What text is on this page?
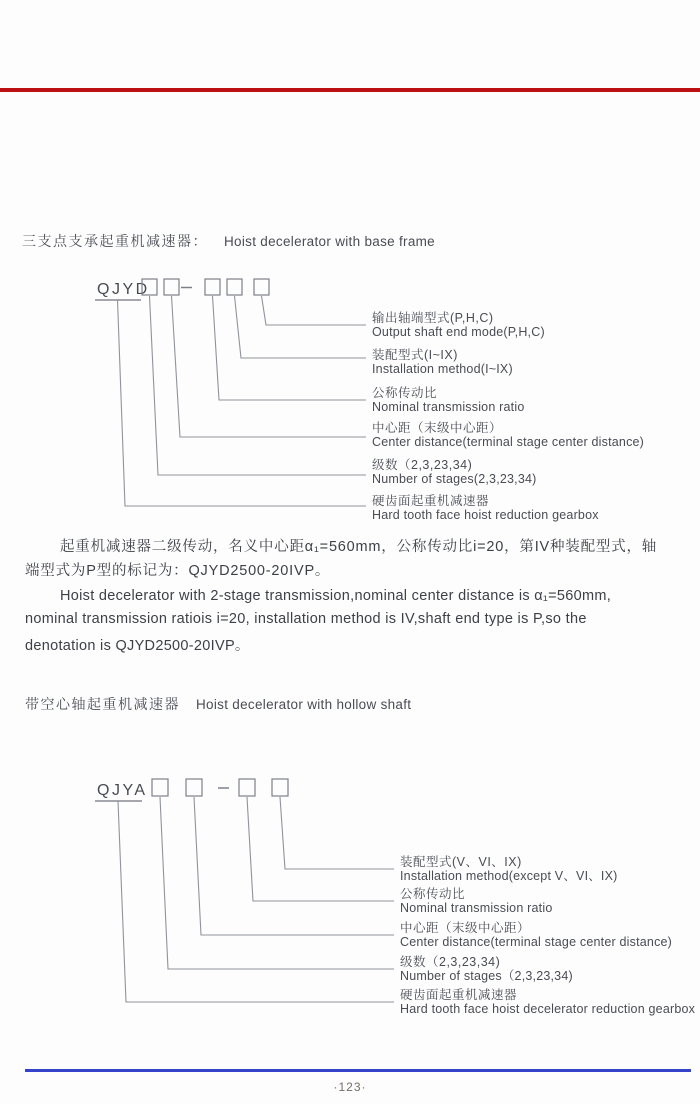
三支点支承起重机减速器： Hoist decelerator with base frame
QJYD
输出轴端型式(P,H,C)
Output shaft end mode(P,H,C)
装配型式(I~IX)
Installation method(I~IX)
公称传动比
Nominal transmission ratio
中心距（末级中心距）
Center distance(terminal stage center distance)
级数（2,3,23,34)
Number of stages(2,3,23,34)
硬齿面起重机减速器
Hard tooth face hoist reduction gearbox
起重机减速器二级传动，名义中心距α₁=560mm，公称传动比i=20，第IV种装配型式，轴
端型式为P型的标记为：QJYD2500-20IVP。
Hoist decelerator with 2-stage transmission,nominal center distance is α₁=560mm,
nominal transmission ratiois i=20, installation method is IV,shaft end type is P,so the
denotation is QJYD2500-20IVP。
带空心轴起重机减速器 Hoist decelerator with hollow shaft
QJYA
装配型式(V、VI、IX)
Installation method(except V、VI、IX)
公称传动比
Nominal transmission ratio
中心距（末级中心距）
Center distance(terminal stage center distance)
级数（2,3,23,34)
Number of stages（2,3,23,34)
硬齿面起重机减速器
Hard tooth face hoist decelerator reduction gearbox
·123·
